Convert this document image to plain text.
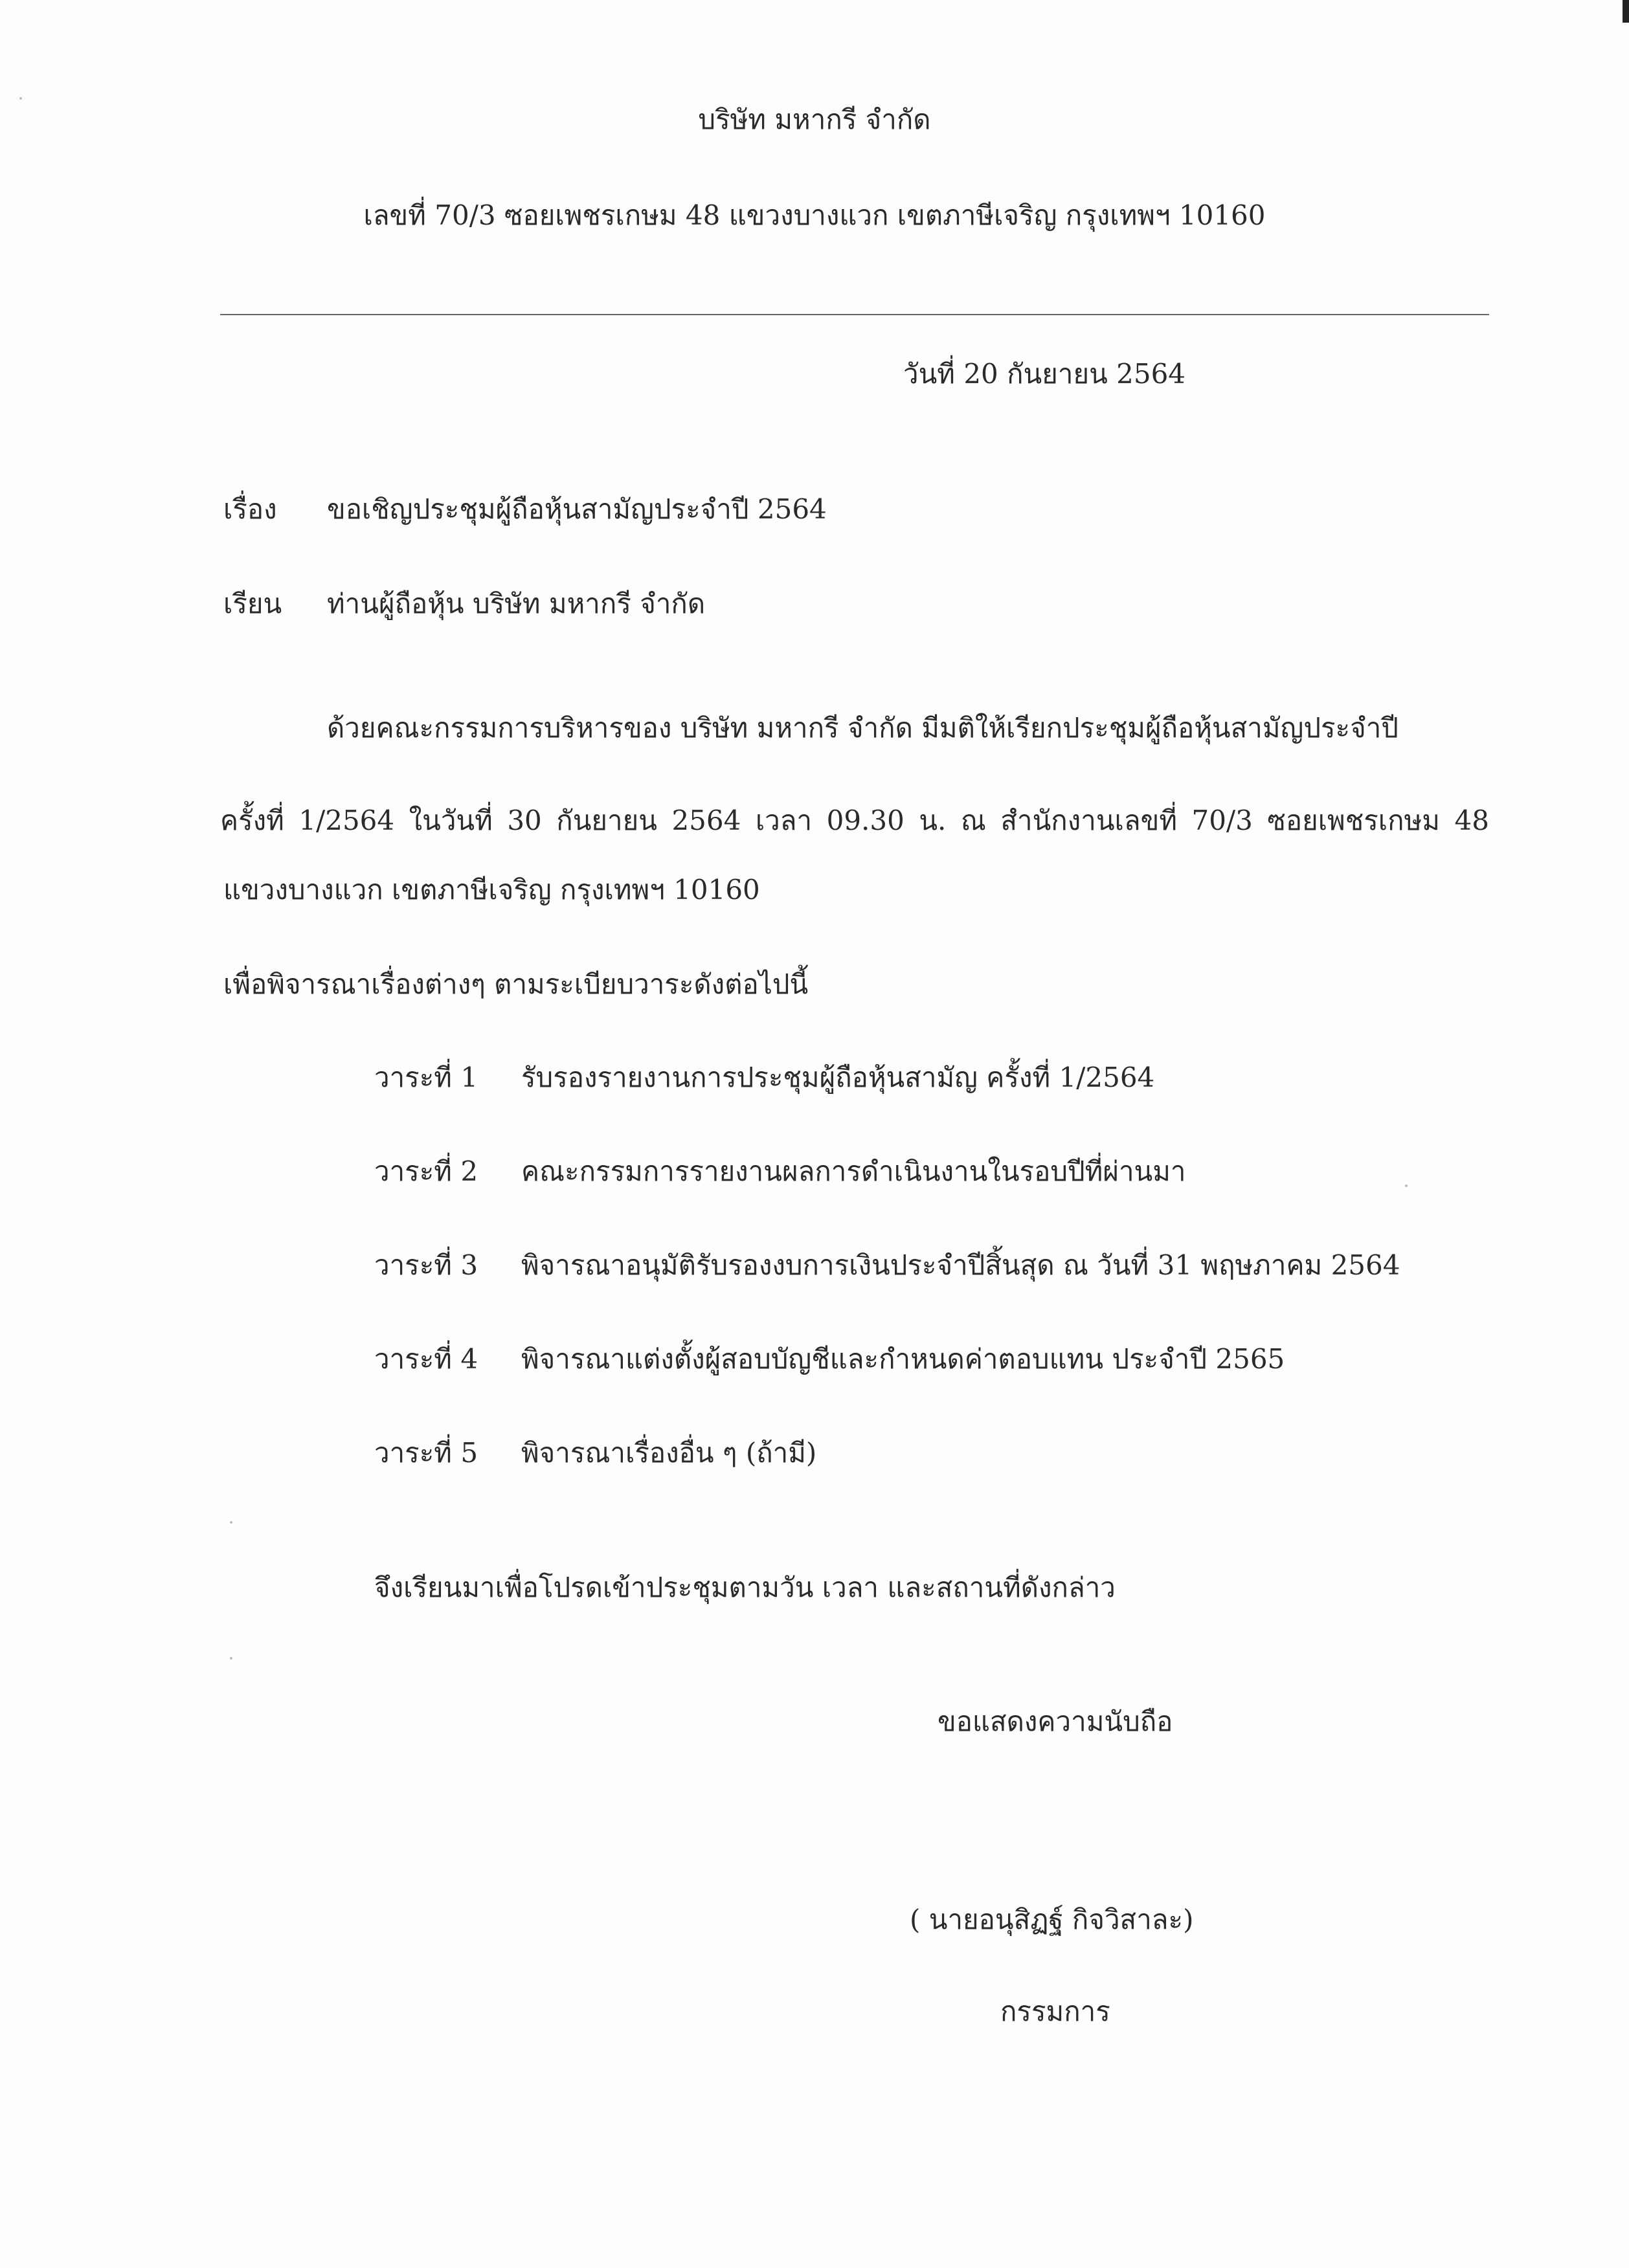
บริษัท มหากรี จำกัด
เลขที่ 70/3 ซอยเพชรเกษม 48 แขวงบางแวก เขตภาษีเจริญ กรุงเทพฯ 10160
วันที่ 20 กันยายน 2564
เรื่อง ขอเชิญประชุมผู้ถือหุ้นสามัญประจำปี 2564
เรียน ท่านผู้ถือหุ้น บริษัท มหากรี จำกัด
ด้วยคณะกรรมการบริหารของ บริษัท มหากรี จำกัด มีมติให้เรียกประชุมผู้ถือหุ้นสามัญประจำปี
ครั้งที่ 1/2564 ในวันที่ 30 กันยายน 2564 เวลา 09.30 น. ณ สำนักงานเลขที่ 70/3 ซอยเพชรเกษม 48
แขวงบางแวก เขตภาษีเจริญ กรุงเทพฯ 10160
เพื่อพิจารณาเรื่องต่างๆ ตามระเบียบวาระดังต่อไปนี้
วาระที่ 1 รับรองรายงานการประชุมผู้ถือหุ้นสามัญ ครั้งที่ 1/2564
วาระที่ 2 คณะกรรมการรายงานผลการดำเนินงานในรอบปีที่ผ่านมา
วาระที่ 3 พิจารณาอนุมัติรับรองงบการเงินประจำปีสิ้นสุด ณ วันที่ 31 พฤษภาคม 2564
วาระที่ 4 พิจารณาแต่งตั้งผู้สอบบัญชีและกำหนดค่าตอบแทน ประจำปี 2565
วาระที่ 5 พิจารณาเรื่องอื่น ๆ (ถ้ามี)
จึงเรียนมาเพื่อโปรดเข้าประชุมตามวัน เวลา และสถานที่ดังกล่าว
ขอแสดงความนับถือ
( นายอนุสิฏฐ์ กิจวิสาละ)
กรรมการ
